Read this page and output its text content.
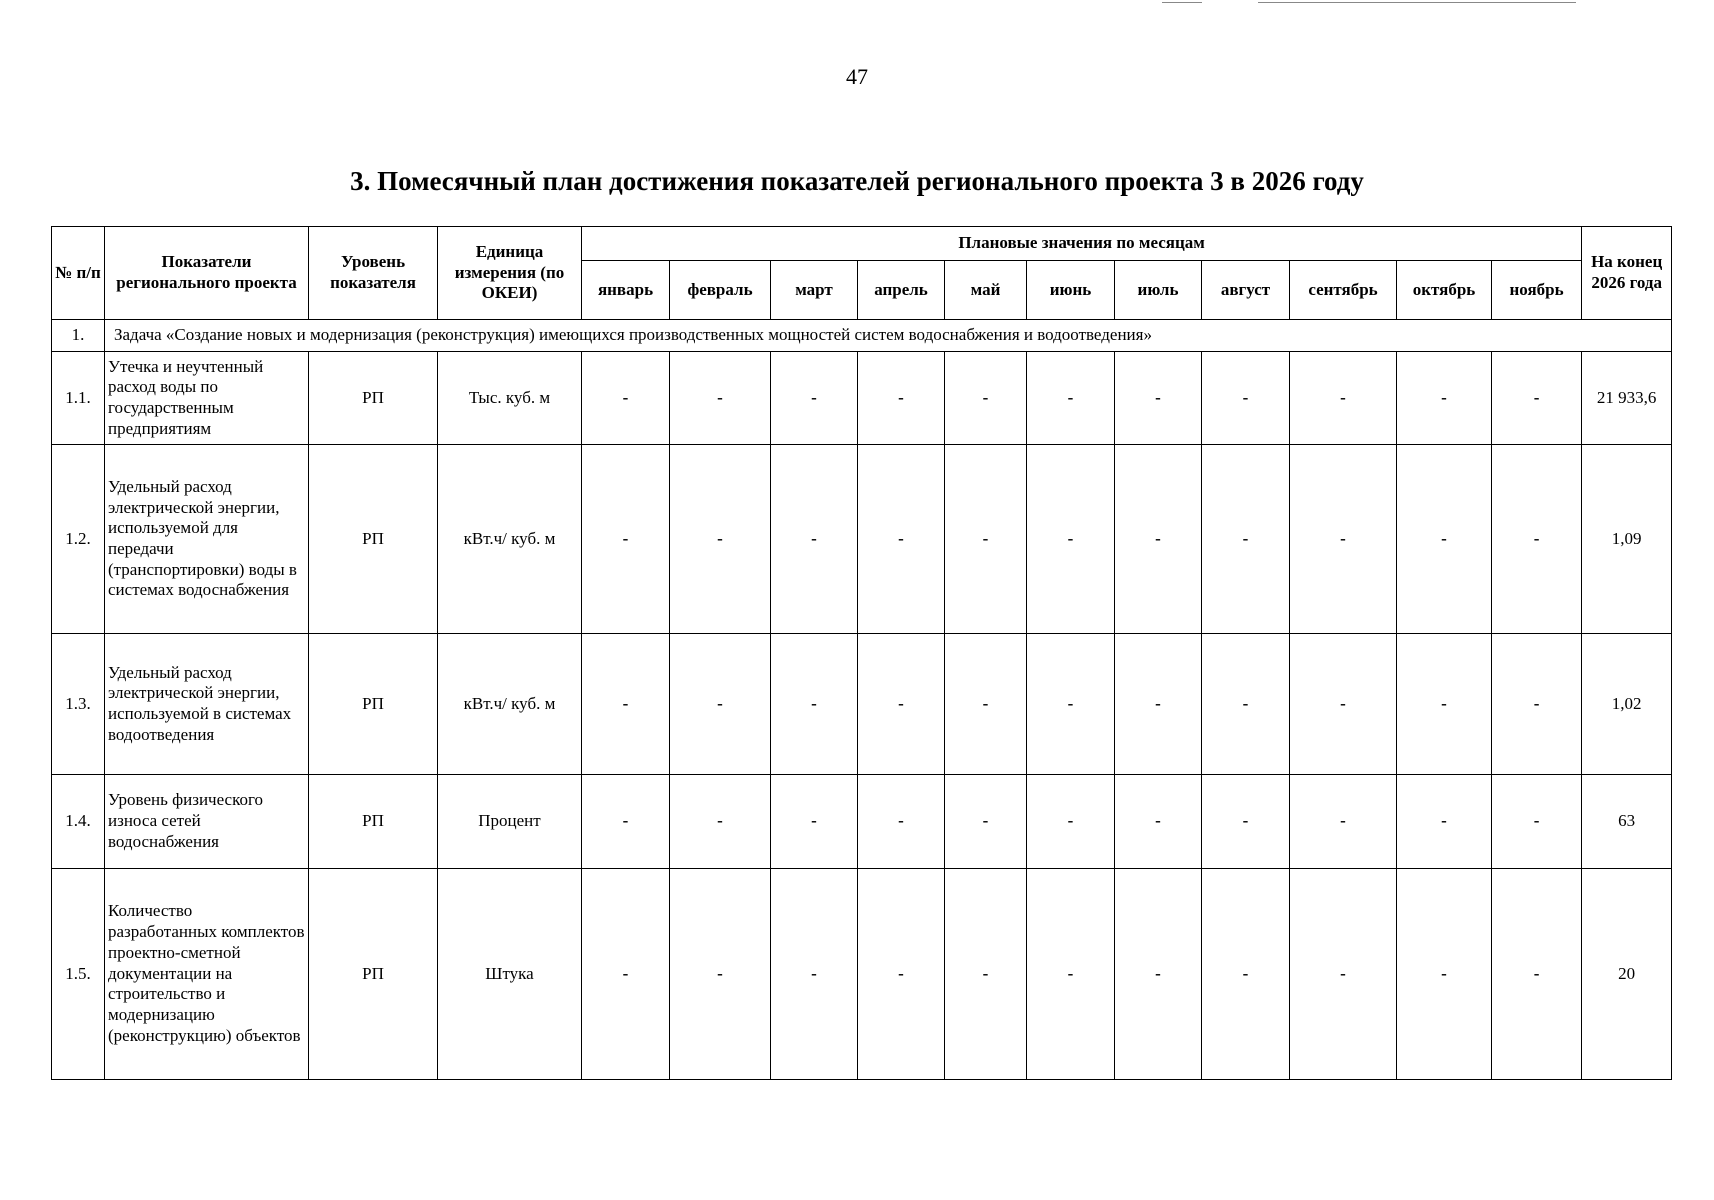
47
3. Помесячный план достижения показателей регионального проекта 3 в 2026 году
№ п/п	Показатели регионального проекта	Уровень показателя	Единица измерения (по ОКЕИ)	Плановые значения по месяцам											На конец 2026 года
				январь	февраль	март	апрель	май	июнь	июль	август	сентябрь	октябрь	ноябрь	
1.	Задача «Создание новых и модернизация (реконструкция) имеющихся производственных мощностей систем водоснабжения и водоотведения»														
1.1.	Утечка и неучтенный расход воды по государственным предприятиям	РП	Тыс. куб. м	-	-	-	-	-	-	-	-	-	-	-	21 933,6
1.2.	Удельный расход электрической энергии, используемой для передачи (транспортировки) воды в системах водоснабжения	РП	кВт.ч/ куб. м	-	-	-	-	-	-	-	-	-	-	-	1,09
1.3.	Удельный расход электрической энергии, используемой в системах водоотведения	РП	кВт.ч/ куб. м	-	-	-	-	-	-	-	-	-	-	-	1,02
1.4.	Уровень физического износа сетей водоснабжения	РП	Процент	-	-	-	-	-	-	-	-	-	-	-	63
1.5.	Количество разработанных комплектов проектно-сметной документации на строительство и модернизацию (реконструкцию) объектов	РП	Штука	-	-	-	-	-	-	-	-	-	-	-	20
